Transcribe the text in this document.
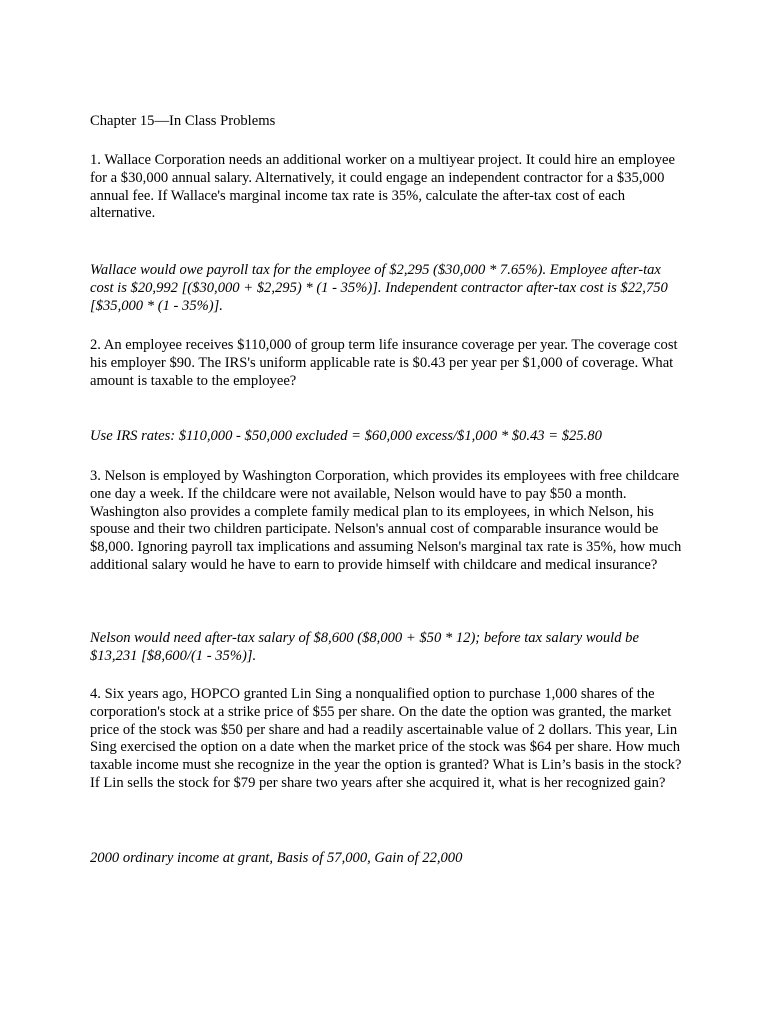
Chapter 15—In Class Problems

1. Wallace Corporation needs an additional worker on a multiyear project. It could hire an employee for a $30,000 annual salary. Alternatively, it could engage an independent contractor for a $35,000 annual fee. If Wallace's marginal income tax rate is 35%, calculate the after-tax cost of each alternative.

Wallace would owe payroll tax for the employee of $2,295 ($30,000 * 7.65%). Employee after-tax cost is $20,992 [($30,000 + $2,295) * (1 - 35%)]. Independent contractor after-tax cost is $22,750 [$35,000 * (1 - 35%)].

2. An employee receives $110,000 of group term life insurance coverage per year. The coverage cost his employer $90. The IRS's uniform applicable rate is $0.43 per year per $1,000 of coverage. What amount is taxable to the employee?

Use IRS rates: $110,000 - $50,000 excluded = $60,000 excess/$1,000 * $0.43 = $25.80

3. Nelson is employed by Washington Corporation, which provides its employees with free childcare one day a week. If the childcare were not available, Nelson would have to pay $50 a month. Washington also provides a complete family medical plan to its employees, in which Nelson, his spouse and their two children participate. Nelson's annual cost of comparable insurance would be $8,000. Ignoring payroll tax implications and assuming Nelson's marginal tax rate is 35%, how much additional salary would he have to earn to provide himself with childcare and medical insurance?

Nelson would need after-tax salary of $8,600 ($8,000 + $50 * 12); before tax salary would be $13,231 [$8,600/(1 - 35%)].

4. Six years ago, HOPCO granted Lin Sing a nonqualified option to purchase 1,000 shares of the corporation's stock at a strike price of $55 per share. On the date the option was granted, the market price of the stock was $50 per share and had a readily ascertainable value of 2 dollars. This year, Lin Sing exercised the option on a date when the market price of the stock was $64 per share. How much taxable income must she recognize in the year the option is granted? What is Lin’s basis in the stock? If Lin sells the stock for $79 per share two years after she acquired it, what is her recognized gain?

2000 ordinary income at grant, Basis of 57,000, Gain of 22,000
